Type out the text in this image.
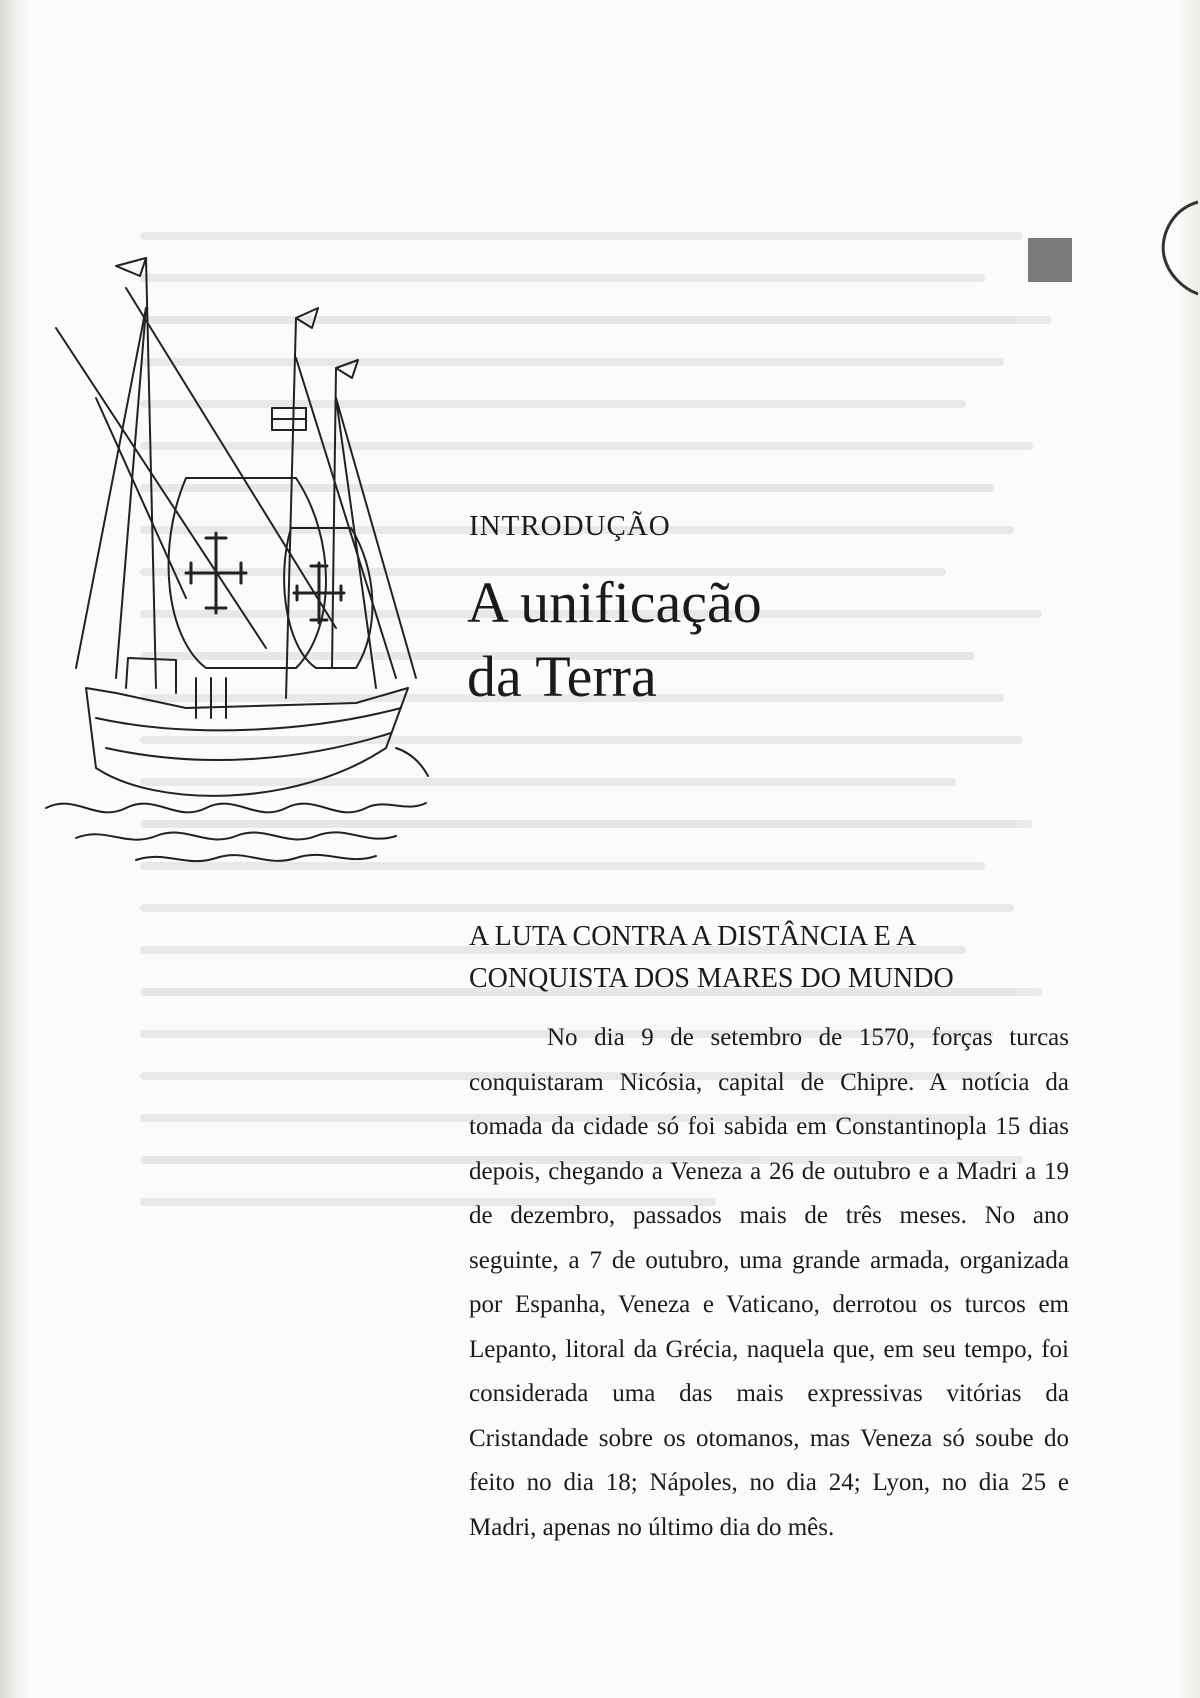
INTRODUÇÃO
A unificação
da Terra
A LUTA CONTRA A DISTÂNCIA E A
CONQUISTA DOS MARES DO MUNDO

No dia 9 de setembro de 1570, forças turcas conquistaram Nicósia, capital de Chipre. A notícia da tomada da cidade só foi sabida em Constantinopla 15 dias depois, chegando a Veneza a 26 de outubro e a Madri a 19 de dezembro, passados mais de três meses. No ano seguinte, a 7 de outubro, uma grande armada, organizada por Espanha, Veneza e Vaticano, derrotou os turcos em Lepanto, litoral da Grécia, naquela que, em seu tempo, foi considerada uma das mais expressivas vitórias da Cristandade sobre os otomanos, mas Veneza só soube do feito no dia 18; Nápoles, no dia 24; Lyon, no dia 25 e Madri, apenas no último dia do mês.
